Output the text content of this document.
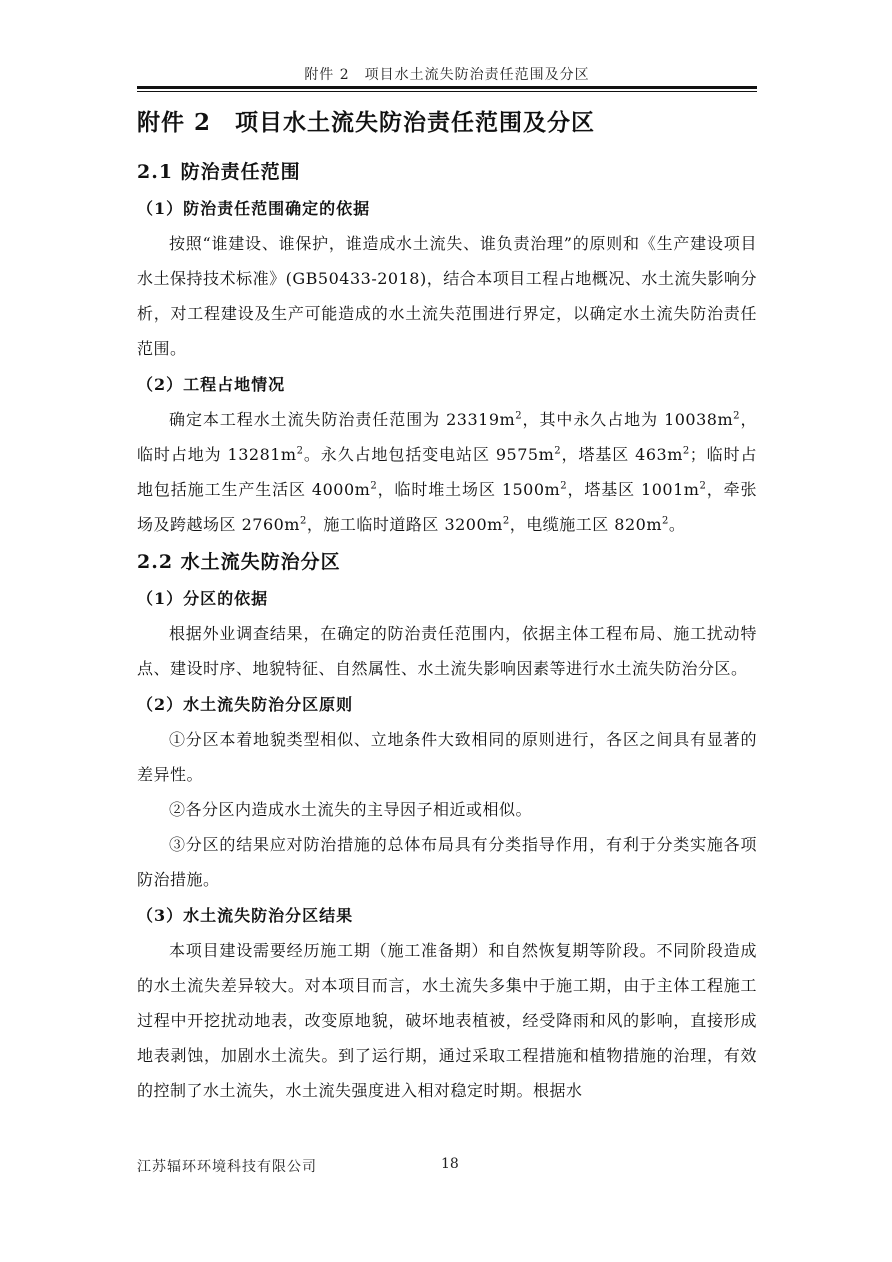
附件 2　项目水土流失防治责任范围及分区
附件 2　项目水土流失防治责任范围及分区
2.1 防治责任范围
（1）防治责任范围确定的依据

按照“谁建设、谁保护，谁造成水土流失、谁负责治理”的原则和《生产建设项目水土保持技术标准》(GB50433-2018)，结合本项目工程占地概况、水土流失影响分析，对工程建设及生产可能造成的水土流失范围进行界定，以确定水土流失防治责任范围。

（2）工程占地情况

确定本工程水土流失防治责任范围为 $23319m^2$，其中永久占地为 $10038m^2$，临时占地为 $13281m^2$。永久占地包括变电站区 $9575m^2$，塔基区 $463m^2$；临时占地包括施工生产生活区 $4000m^2$，临时堆土场区 $1500m^2$，塔基区 $1001m^2$，牵张场及跨越场区 $2760m^2$，施工临时道路区 $3200m^2$，电缆施工区 $820m^2$。

2.2 水土流失防治分区
（1）分区的依据

根据外业调查结果，在确定的防治责任范围内，依据主体工程布局、施工扰动特点、建设时序、地貌特征、自然属性、水土流失影响因素等进行水土流失防治分区。

（2）水土流失防治分区原则

①分区本着地貌类型相似、立地条件大致相同的原则进行，各区之间具有显著的差异性。

②各分区内造成水土流失的主导因子相近或相似。

③分区的结果应对防治措施的总体布局具有分类指导作用，有利于分类实施各项防治措施。

（3）水土流失防治分区结果

本项目建设需要经历施工期（施工准备期）和自然恢复期等阶段。不同阶段造成的水土流失差异较大。对本项目而言，水土流失多集中于施工期，由于主体工程施工过程中开挖扰动地表，改变原地貌，破坏地表植被，经受降雨和风的影响，直接形成地表剥蚀，加剧水土流失。到了运行期，通过采取工程措施和植物措施的治理，有效的控制了水土流失，水土流失强度进入相对稳定时期。根据水

江苏辐环环境科技有限公司	18
